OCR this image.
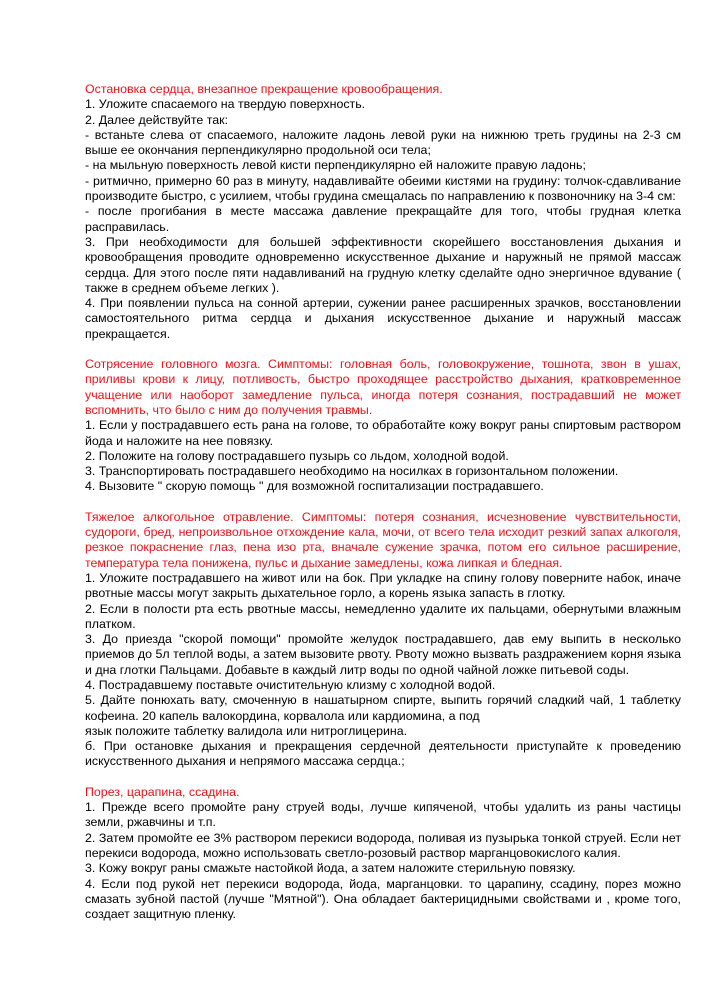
Остановка сердца, внезапное прекращение кровообращения.
1. Уложите спасаемого на твердую поверхность.
2. Далее действуйте так:
- встаньте слева от спасаемого, наложите ладонь левой руки на нижнюю треть грудины на 2-3 см выше ее окончания перпендикулярно продольной оси тела;
- на мыльную поверхность левой кисти перпендикулярно ей наложите правую ладонь;
- ритмично, примерно 60 раз в минуту, надавливайте обеими кистями на грудину: толчок-сдавливание производите быстро, с усилием, чтобы грудина смещалась по направлению к позвоночнику на 3-4 см:
- после прогибания в месте массажа давление прекращайте для того, чтобы грудная клетка расправилась.
3. При необходимости для большей эффективности скорейшего восстановления дыхания и кровообращения проводите одновременно искусственное дыхание и наружный не прямой массаж сердца. Для этого после пяти надавливаний на грудную клетку сделайте одно энергичное вдувание ( также в среднем объеме легких ).
4. При появлении пульса на сонной артерии, сужении ранее расширенных зрачков, восстановлении самостоятельного ритма сердца и дыхания искусственное дыхание и наружный массаж прекращается.
Сотрясение головного мозга. Симптомы: головная боль, головокружение, тошнота, звон в ушах, приливы крови к лицу, потливость, быстро проходящее расстройство дыхания, кратковременное учащение или наоборот замедление пульса, иногда потеря сознания, пострадавший не может вспомнить, что было с ним до получения травмы.
1. Если у пострадавшего есть рана на голове, то обработайте кожу вокруг раны спиртовым раствором йода и наложите на нее повязку.
2. Положите на голову пострадавшего пузырь со льдом, холодной водой.
3. Транспортировать пострадавшего необходимо на носилках в горизонтальном положении.
4. Вызовите " скорую помощь " для возможной госпитализации пострадавшего.
Тяжелое алкогольное отравление. Симптомы: потеря сознания, исчезновение чувствительности, судороги, бред, непроизвольное отхождение кала, мочи, от всего тела исходит резкий запах алкоголя, резкое покраснение глаз, пена изо рта, вначале сужение зрачка, потом его сильное расширение, температура тела понижена, пульс и дыхание замедлены, кожа липкая и бледная.
1. Уложите пострадавшего на живот или на бок. При укладке на спину голову поверните набок, иначе рвотные массы могут закрыть дыхательное горло, а корень языка запасть в глотку.
2. Если в полости рта есть рвотные массы, немедленно удалите их пальцами, обернутыми влажным платком.
3. До приезда "скорой помощи" промойте желудок пострадавшего, дав ему выпить в несколько приемов до 5л теплой воды, а затем вызовите рвоту. Рвоту можно вызвать раздражением корня языка и дна глотки Пальцами. Добавьте в каждый литр воды по одной чайной ложке питьевой соды.
4. Пострадавшему поставьте очистительную клизму с холодной водой.
5. Дайте понюхать вату, смоченную в нашатырном спирте, выпить горячий сладкий чай, 1 таблетку кофеина. 20 капель валокордина, корвалола или кардиомина, а под
язык положите таблетку валидола или нитроглицерина.
б. При остановке дыхания и прекращения сердечной деятельности приступайте к проведению искусственного дыхания и непрямого массажа сердца.;
Порез, царапина, ссадина.
1. Прежде всего промойте рану струей воды, лучше кипяченой, чтобы удалить из раны частицы земли, ржавчины и т.п.
2. Затем промойте ее 3% раствором перекиси водорода, поливая из пузырька тонкой струей. Если нет перекиси водорода, можно использовать светло-розовый раствор марганцовокислого калия.
3. Кожу вокруг раны смажьте настойкой йода, а затем наложите стерильную повязку.
4. Если под рукой нет перекиси водорода, йода, марганцовки. то царапину, ссадину, порез можно смазать зубной пастой (лучше "Мятной"). Она обладает бактерицидными свойствами и , кроме того, создает защитную пленку.
